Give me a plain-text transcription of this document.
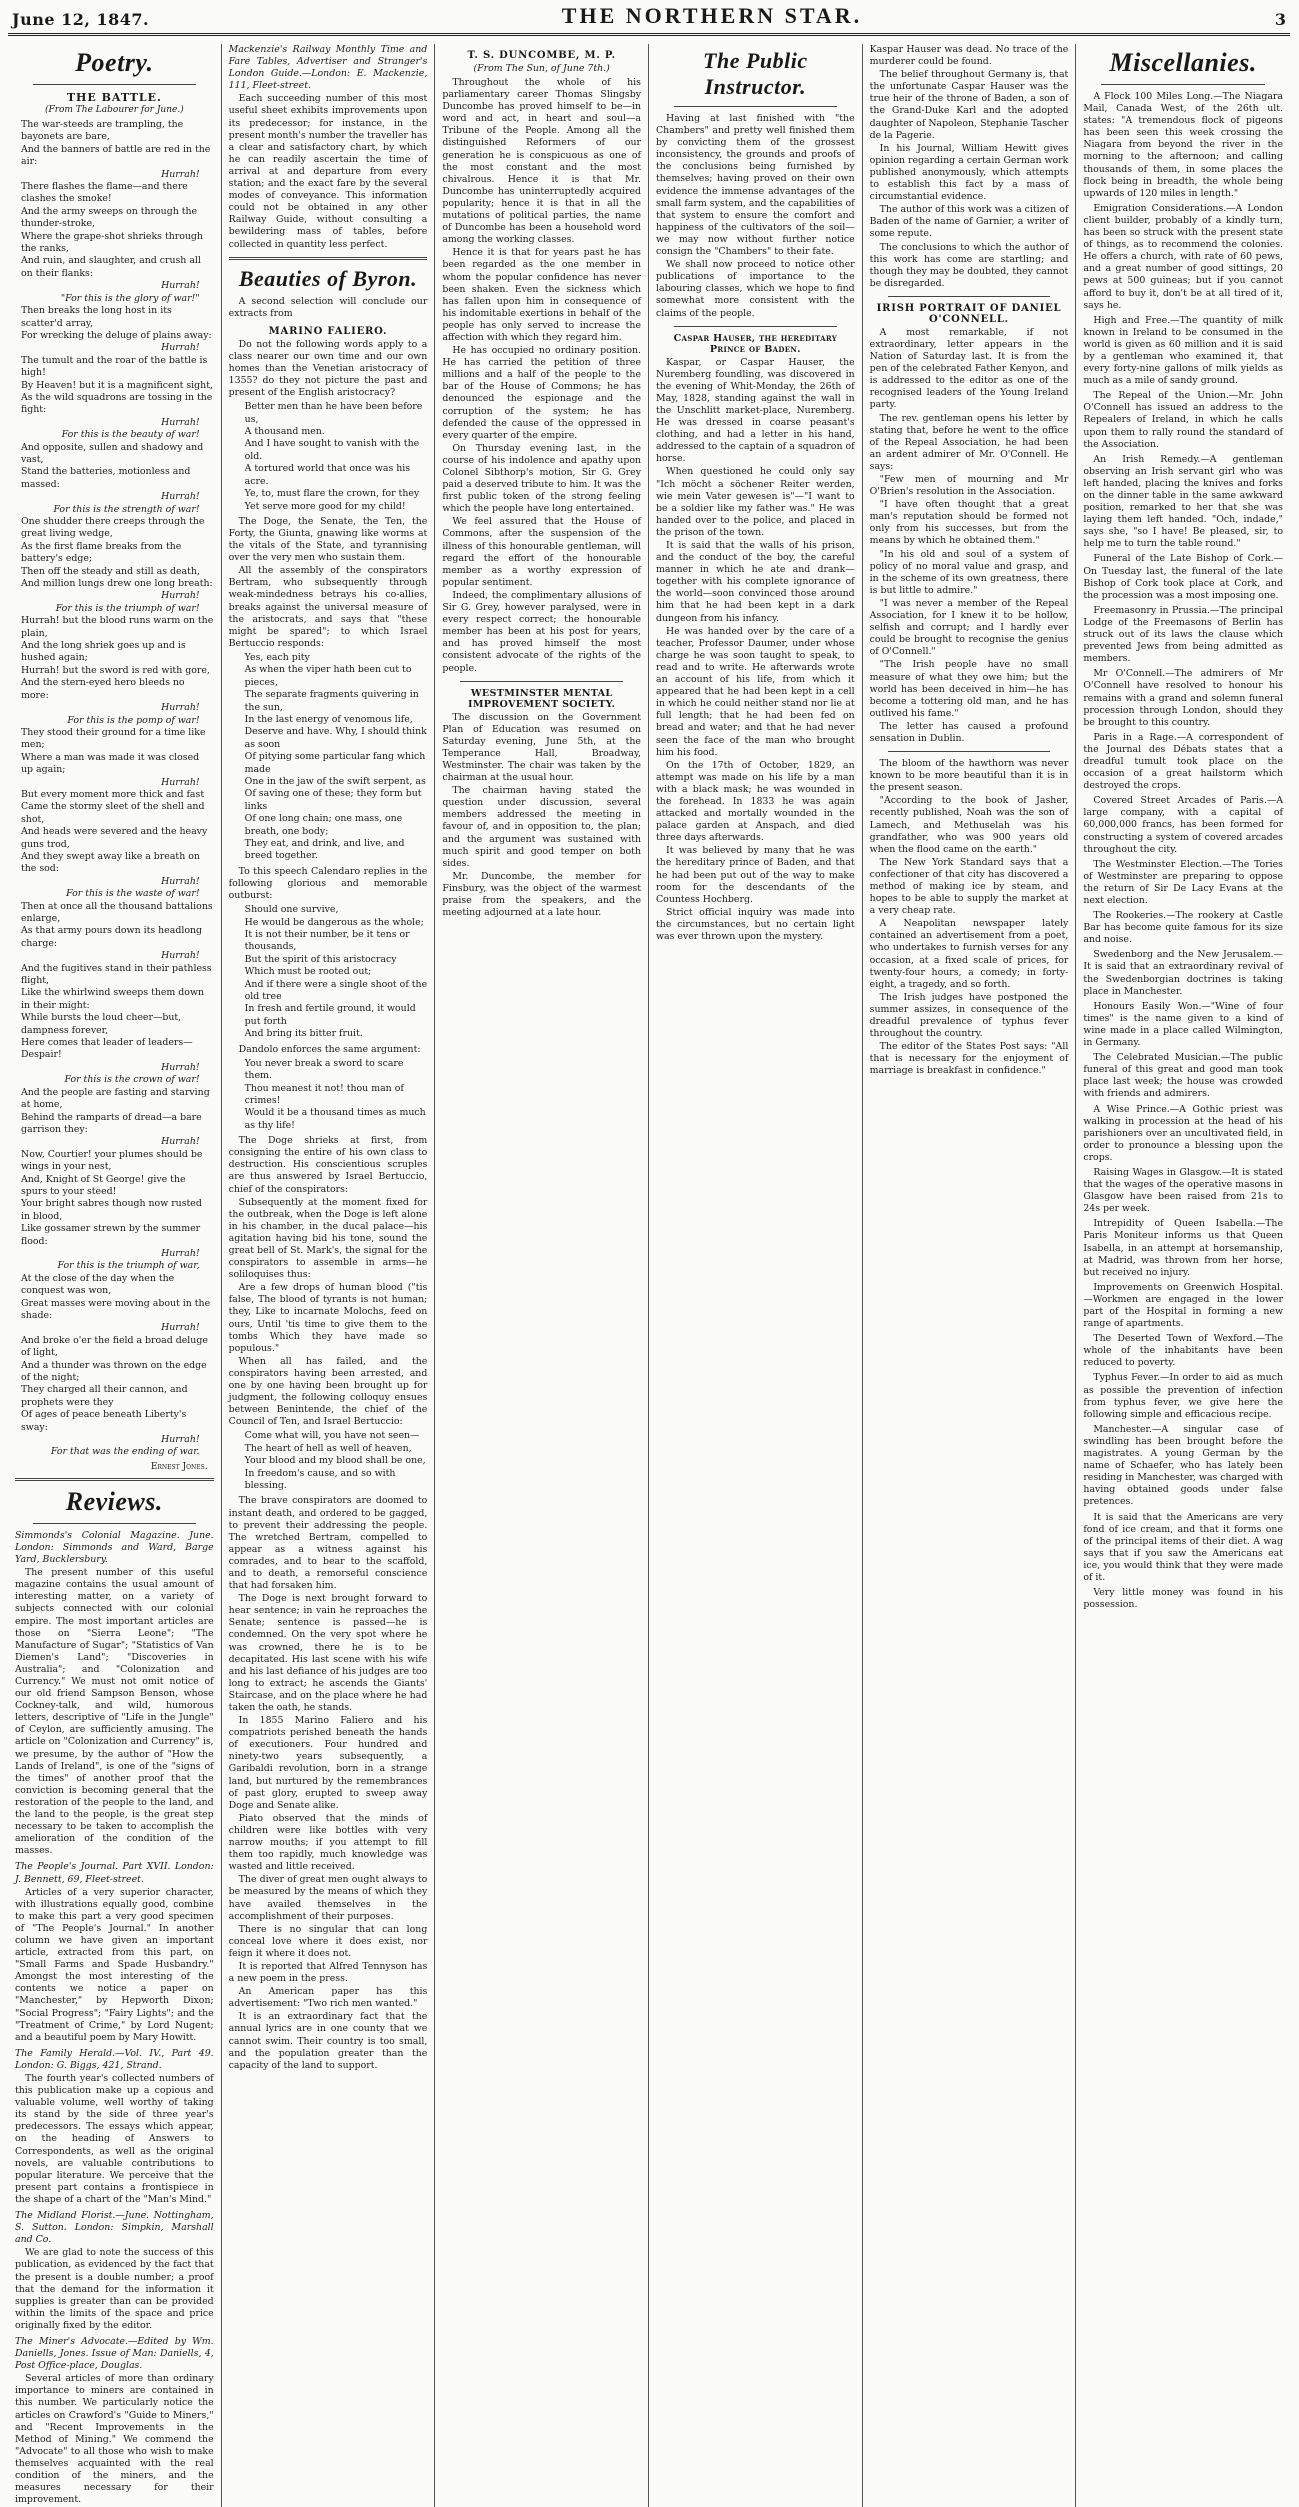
June 12, 1847.	THE NORTHERN STAR.	3
Poetry.
THE BATTLE.
(From The Labourer for June.)
The war-steeds are trampling, the bayonets are bare,
And the banners of battle are red in the air:
Hurrah!
There flashes the flame—and there clashes the smoke!
And the army sweeps on through the thunder-stroke,
Where the grape-shot shrieks through the ranks,
And ruin, and slaughter, and crush all on their flanks:
Hurrah!
"For this is the glory of war!"
Then breaks the long host in its scatter'd array,
For wrecking the deluge of plains away:
Hurrah!
The tumult and the roar of the battle is high!
By Heaven! but it is a magnificent sight,
As the wild squadrons are tossing in the fight:
Hurrah!
For this is the beauty of war!
And opposite, sullen and shadowy and vast,
Stand the batteries, motionless and massed:
Hurrah!
For this is the strength of war!
One shudder there creeps through the great living wedge,
As the first flame breaks from the battery's edge;
Then off the steady and still as death,
And million lungs drew one long breath:
Hurrah!
For this is the triumph of war!
Hurrah! but the blood runs warm on the plain,
And the long shriek goes up and is hushed again;
Hurrah! but the sword is red with gore,
And the stern-eyed hero bleeds no more:
Hurrah!
For this is the pomp of war!
They stood their ground for a time like men;
Where a man was made it was closed up again;
Hurrah!
But every moment more thick and fast
Came the stormy sleet of the shell and shot,
And heads were severed and the heavy guns trod,
And they swept away like a breath on the sod:
Hurrah!
For this is the waste of war!
Then at once all the thousand battalions enlarge,
As that army pours down its headlong charge:
Hurrah!
And the fugitives stand in their pathless flight,
Like the whirlwind sweeps them down in their might:
While bursts the loud cheer—but, dampness forever,
Here comes that leader of leaders—Despair!
Hurrah!
For this is the crown of war!
And the people are fasting and starving at home,
Behind the ramparts of dread—a bare garrison they:
Hurrah!
Now, Courtier! your plumes should be wings in your nest,
And, Knight of St George! give the spurs to your steed!
Your bright sabres though now rusted in blood,
Like gossamer strewn by the summer flood:
Hurrah!
For this is the triumph of war,
At the close of the day when the conquest was won,
Great masses were moving about in the shade:
Hurrah!
And broke o'er the field a broad deluge of light,
And a thunder was thrown on the edge of the night;
They charged all their cannon, and prophets were they
Of ages of peace beneath Liberty's sway:
Hurrah!
For that was the ending of war.
Ernest Jones.
Reviews.

Simmonds's Colonial Magazine. June. London: Simmonds and Ward, Barge Yard, Bucklersbury.

The present number of this useful magazine contains the usual amount of interesting matter, on a variety of subjects connected with our colonial empire. The most important articles are those on "Sierra Leone"; "The Manufacture of Sugar"; "Statistics of Van Diemen's Land"; "Discoveries in Australia"; and "Colonization and Currency." We must not omit notice of our old friend Sampson Benson, whose Cockney-talk, and wild, humorous letters, descriptive of "Life in the Jungle" of Ceylon, are sufficiently amusing. The article on "Colonization and Currency" is, we presume, by the author of "How the Lands of Ireland", is one of the "signs of the times" of another proof that the conviction is becoming general that the restoration of the people to the land, and the land to the people, is the great step necessary to be taken to accomplish the amelioration of the condition of the masses.

The People's Journal. Part XVII. London: J. Bennett, 69, Fleet-street.

Articles of a very superior character, with illustrations equally good, combine to make this part a very good specimen of "The People's Journal." In another column we have given an important article, extracted from this part, on "Small Farms and Spade Husbandry." Amongst the most interesting of the contents we notice a paper on "Manchester," by Hepworth Dixon; "Social Progress"; "Fairy Lights"; and the "Treatment of Crime," by Lord Nugent; and a beautiful poem by Mary Howitt.

The Family Herald.—Vol. IV., Part 49. London: G. Biggs, 421, Strand.

The fourth year's collected numbers of this publication make up a copious and valuable volume, well worthy of taking its stand by the side of three year's predecessors. The essays which appear, on the heading of Answers to Correspondents, as well as the original novels, are valuable contributions to popular literature. We perceive that the present part contains a frontispiece in the shape of a chart of the "Man's Mind."

The Midland Florist.—June. Nottingham, S. Sutton. London: Simpkin, Marshall and Co.

We are glad to note the success of this publication, as evidenced by the fact that the present is a double number; a proof that the demand for the information it supplies is greater than can be provided within the limits of the space and price originally fixed by the editor.

The Miner's Advocate.—Edited by Wm. Daniells, Jones. Issue of Man: Daniells, 4, Post Office-place, Douglas.

Several articles of more than ordinary importance to miners are contained in this number. We particularly notice the articles on Crawford's "Guide to Miners," and "Recent Improvements in the Method of Mining." We commend the "Advocate" to all those who wish to make themselves acquainted with the real condition of the miners, and the measures necessary for their improvement.

Mackenzie's Railway Monthly Time and Fare Tables, Advertiser and Stranger's London Guide.—London: E. Mackenzie, 111, Fleet-street.

Each succeeding number of this most useful sheet exhibits improvements upon its predecessor; for instance, in the present month's number the traveller has a clear and satisfactory chart, by which he can readily ascertain the time of arrival at and departure from every station; and the exact fare by the several modes of conveyance. This information could not be obtained in any other Railway Guide, without consulting a bewildering mass of tables, before collected in quantity less perfect.

Beauties of Byron.

A second selection will conclude our extracts from

MARINO FALIERO.

Do not the following words apply to a class nearer our own time and our own homes than the Venetian aristocracy of 1355? do they not picture the past and present of the English aristocracy?

Better men than he have been before us,
A thousand men.
And I have sought to vanish with the old.
A tortured world that once was his acre.
Ye, to, must flare the crown, for they
Yet serve more good for my child!

The Doge, the Senate, the Ten, the Forty, the Giunta, gnawing like worms at the vitals of the State, and tyrannising over the very men who sustain them.

All the assembly of the conspirators Bertram, who subsequently through weak-mindedness betrays his co-allies, breaks against the universal measure of the aristocrats, and says that "these might be spared"; to which Israel Bertuccio responds:

Yes, each pity
As when the viper hath been cut to pieces,
The separate fragments quivering in the sun,
In the last energy of venomous life,
Deserve and have. Why, I should think as soon
Of pitying some particular fang which made
One in the jaw of the swift serpent, as
Of saving one of these; they form but links
Of one long chain; one mass, one breath, one body;
They eat, and drink, and live, and breed together.

To this speech Calendaro replies in the following glorious and memorable outburst:

Should one survive,
He would be dangerous as the whole;
It is not their number, be it tens or thousands,
But the spirit of this aristocracy
Which must be rooted out;
And if there were a single shoot of the old tree
In fresh and fertile ground, it would put forth
And bring its bitter fruit.

Dandolo enforces the same argument:

You never break a sword to scare them.
Thou meanest it not! thou man of crimes!
Would it be a thousand times as much as thy life!

The Doge shrieks at first, from consigning the entire of his own class to destruction. His conscientious scruples are thus answered by Israel Bertuccio, chief of the conspirators:

Subsequently at the moment fixed for the outbreak, when the Doge is left alone in his chamber, in the ducal palace—his agitation having bid his tone, sound the great bell of St. Mark's, the signal for the conspirators to assemble in arms—he soliloquises thus:

Are a few drops of human blood ("tis false, The blood of tyrants is not human; they, Like to incarnate Molochs, feed on ours, Until 'tis time to give them to the tombs Which they have made so populous."

When all has failed, and the conspirators having been arrested, and one by one having been brought up for judgment, the following colloquy ensues between Benintende, the chief of the Council of Ten, and Israel Bertuccio:

Come what will, you have not seen—
The heart of hell as well of heaven,
Your blood and my blood shall be one,
In freedom's cause, and so with blessing.

The brave conspirators are doomed to instant death, and ordered to be gagged, to prevent their addressing the people. The wretched Bertram, compelled to appear as a witness against his comrades, and to bear to the scaffold, and to death, a remorseful conscience that had forsaken him.

The Doge is next brought forward to hear sentence; in vain he reproaches the Senate; sentence is passed—he is condemned. On the very spot where he was crowned, there he is to be decapitated. His last scene with his wife and his last defiance of his judges are too long to extract; he ascends the Giants' Staircase, and on the place where he had taken the oath, he stands.

In 1855 Marino Faliero and his compatriots perished beneath the hands of executioners. Four hundred and ninety-two years subsequently, a Garibaldi revolution, born in a strange land, but nurtured by the remembrances of past glory, erupted to sweep away Doge and Senate alike.

Piato observed that the minds of children were like bottles with very narrow mouths; if you attempt to fill them too rapidly, much knowledge was wasted and little received.

The diver of great men ought always to be measured by the means of which they have availed themselves in the accomplishment of their purposes.

There is no singular that can long conceal love where it does exist, nor feign it where it does not.

It is reported that Alfred Tennyson has a new poem in the press.

An American paper has this advertisement: "Two rich men wanted."

It is an extraordinary fact that the annual lyrics are in one county that we cannot swim. Their country is too small, and the population greater than the capacity of the land to support.

T. S. DUNCOMBE, M. P.
(From The Sun, of June 7th.)

Throughout the whole of his parliamentary career Thomas Slingsby Duncombe has proved himself to be—in word and act, in heart and soul—a Tribune of the People. Among all the distinguished Reformers of our generation he is conspicuous as one of the most constant and the most chivalrous. Hence it is that Mr. Duncombe has uninterruptedly acquired popularity; hence it is that in all the mutations of political parties, the name of Duncombe has been a household word among the working classes.

Hence it is that for years past he has been regarded as the one member in whom the popular confidence has never been shaken. Even the sickness which has fallen upon him in consequence of his indomitable exertions in behalf of the people has only served to increase the affection with which they regard him.

He has occupied no ordinary position. He has carried the petition of three millions and a half of the people to the bar of the House of Commons; he has denounced the espionage and the corruption of the system; he has defended the cause of the oppressed in every quarter of the empire.

On Thursday evening last, in the course of his indolence and apathy upon Colonel Sibthorp's motion, Sir G. Grey paid a deserved tribute to him. It was the first public token of the strong feeling which the people have long entertained.

We feel assured that the House of Commons, after the suspension of the illness of this honourable gentleman, will regard the effort of the honourable member as a worthy expression of popular sentiment.

Indeed, the complimentary allusions of Sir G. Grey, however paralysed, were in every respect correct; the honourable member has been at his post for years, and has proved himself the most consistent advocate of the rights of the people.

WESTMINSTER MENTAL IMPROVEMENT SOCIETY.

The discussion on the Government Plan of Education was resumed on Saturday evening, June 5th, at the Temperance Hall, Broadway, Westminster. The chair was taken by the chairman at the usual hour.

The chairman having stated the question under discussion, several members addressed the meeting in favour of, and in opposition to, the plan; and the argument was sustained with much spirit and good temper on both sides.

Mr. Duncombe, the member for Finsbury, was the object of the warmest praise from the speakers, and the meeting adjourned at a late hour.

The Public Instructor.

Having at last finished with "the Chambers" and pretty well finished them by convicting them of the grossest inconsistency, the grounds and proofs of the conclusions being furnished by themselves; having proved on their own evidence the immense advantages of the small farm system, and the capabilities of that system to ensure the comfort and happiness of the cultivators of the soil—we may now without further notice consign the "Chambers" to their fate.

We shall now proceed to notice other publications of importance to the labouring classes, which we hope to find somewhat more consistent with the claims of the people.

Caspar Hauser, the hereditary Prince of Baden.

Kaspar, or Caspar Hauser, the Nuremberg foundling, was discovered in the evening of Whit-Monday, the 26th of May, 1828, standing against the wall in the Unschlitt market-place, Nuremberg. He was dressed in coarse peasant's clothing, and had a letter in his hand, addressed to the captain of a squadron of horse.

When questioned he could only say "Ich möcht a söchener Reiter werden, wie mein Vater gewesen is"—"I want to be a soldier like my father was." He was handed over to the police, and placed in the prison of the town.

It is said that the walls of his prison, and the conduct of the boy, the careful manner in which he ate and drank—together with his complete ignorance of the world—soon convinced those around him that he had been kept in a dark dungeon from his infancy.

He was handed over by the care of a teacher, Professor Daumer, under whose charge he was soon taught to speak, to read and to write. He afterwards wrote an account of his life, from which it appeared that he had been kept in a cell in which he could neither stand nor lie at full length; that he had been fed on bread and water; and that he had never seen the face of the man who brought him his food.

On the 17th of October, 1829, an attempt was made on his life by a man with a black mask; he was wounded in the forehead. In 1833 he was again attacked and mortally wounded in the palace garden at Anspach, and died three days afterwards.

It was believed by many that he was the hereditary prince of Baden, and that he had been put out of the way to make room for the descendants of the Countess Hochberg.

Strict official inquiry was made into the circumstances, but no certain light was ever thrown upon the mystery.

Kaspar Hauser was dead. No trace of the murderer could be found.

The belief throughout Germany is, that the unfortunate Caspar Hauser was the true heir of the throne of Baden, a son of the Grand-Duke Karl and the adopted daughter of Napoleon, Stephanie Tascher de la Pagerie.

In his Journal, William Hewitt gives opinion regarding a certain German work published anonymously, which attempts to establish this fact by a mass of circumstantial evidence.

The author of this work was a citizen of Baden of the name of Garnier, a writer of some repute.

The conclusions to which the author of this work has come are startling; and though they may be doubted, they cannot be disregarded.

IRISH PORTRAIT OF DANIEL O'CONNELL.

A most remarkable, if not extraordinary, letter appears in the Nation of Saturday last. It is from the pen of the celebrated Father Kenyon, and is addressed to the editor as one of the recognised leaders of the Young Ireland party.

The rev. gentleman opens his letter by stating that, before he went to the office of the Repeal Association, he had been an ardent admirer of Mr. O'Connell. He says:

"Few men of mourning and Mr O'Brien's resolution in the Association.

"I have often thought that a great man's reputation should be formed not only from his successes, but from the means by which he obtained them."

"In his old and soul of a system of policy of no moral value and grasp, and in the scheme of its own greatness, there is but little to admire."

"I was never a member of the Repeal Association, for I knew it to be hollow, selfish and corrupt; and I hardly ever could be brought to recognise the genius of O'Connell."

"The Irish people have no small measure of what they owe him; but the world has been deceived in him—he has become a tottering old man, and he has outlived his fame."

The letter has caused a profound sensation in Dublin.

The bloom of the hawthorn was never known to be more beautiful than it is in the present season.

"According to the book of Jasher, recently published, Noah was the son of Lamech, and Methuselah was his grandfather, who was 900 years old when the flood came on the earth."

The New York Standard says that a confectioner of that city has discovered a method of making ice by steam, and hopes to be able to supply the market at a very cheap rate.

A Neapolitan newspaper lately contained an advertisement from a poet, who undertakes to furnish verses for any occasion, at a fixed scale of prices, for twenty-four hours, a comedy; in forty-eight, a tragedy, and so forth.

The Irish judges have postponed the summer assizes, in consequence of the dreadful prevalence of typhus fever throughout the country.

The editor of the States Post says: "All that is necessary for the enjoyment of marriage is breakfast in confidence."

Miscellanies.

A Flock 100 Miles Long.—The Niagara Mail, Canada West, of the 26th ult. states: "A tremendous flock of pigeons has been seen this week crossing the Niagara from beyond the river in the morning to the afternoon; and calling thousands of them, in some places the flock being in breadth, the whole being upwards of 120 miles in length."

Emigration Considerations.—A London client builder, probably of a kindly turn, has been so struck with the present state of things, as to recommend the colonies. He offers a church, with rate of 60 pews, and a great number of good sittings, 20 pews at 500 guineas; but if you cannot afford to buy it, don't be at all tired of it, says he.

High and Free.—The quantity of milk known in Ireland to be consumed in the world is given as 60 million and it is said by a gentleman who examined it, that every forty-nine gallons of milk yields as much as a mile of sandy ground.

The Repeal of the Union.—Mr. John O'Connell has issued an address to the Repealers of Ireland, in which he calls upon them to rally round the standard of the Association.

An Irish Remedy.—A gentleman observing an Irish servant girl who was left handed, placing the knives and forks on the dinner table in the same awkward position, remarked to her that she was laying them left handed. "Och, indade," says she, "so I have! Be pleased, sir, to help me to turn the table round."

Funeral of the Late Bishop of Cork.—On Tuesday last, the funeral of the late Bishop of Cork took place at Cork, and the procession was a most imposing one.

Freemasonry in Prussia.—The principal Lodge of the Freemasons of Berlin has struck out of its laws the clause which prevented Jews from being admitted as members.

Mr O'Connell.—The admirers of Mr O'Connell have resolved to honour his remains with a grand and solemn funeral procession through London, should they be brought to this country.

Paris in a Rage.—A correspondent of the Journal des Débats states that a dreadful tumult took place on the occasion of a great hailstorm which destroyed the crops.

Covered Street Arcades of Paris.—A large company, with a capital of 60,000,000 francs, has been formed for constructing a system of covered arcades throughout the city.

The Westminster Election.—The Tories of Westminster are preparing to oppose the return of Sir De Lacy Evans at the next election.

The Rookeries.—The rookery at Castle Bar has become quite famous for its size and noise.

Swedenborg and the New Jerusalem.—It is said that an extraordinary revival of the Swedenborgian doctrines is taking place in Manchester.

Honours Easily Won.—"Wine of four times" is the name given to a kind of wine made in a place called Wilmington, in Germany.

The Celebrated Musician.—The public funeral of this great and good man took place last week; the house was crowded with friends and admirers.

A Wise Prince.—A Gothic priest was walking in procession at the head of his parishioners over an uncultivated field, in order to pronounce a blessing upon the crops.

Raising Wages in Glasgow.—It is stated that the wages of the operative masons in Glasgow have been raised from 21s to 24s per week.

Intrepidity of Queen Isabella.—The Paris Moniteur informs us that Queen Isabella, in an attempt at horsemanship, at Madrid, was thrown from her horse, but received no injury.

Improvements on Greenwich Hospital.—Workmen are engaged in the lower part of the Hospital in forming a new range of apartments.

The Deserted Town of Wexford.—The whole of the inhabitants have been reduced to poverty.

Typhus Fever.—In order to aid as much as possible the prevention of infection from typhus fever, we give here the following simple and efficacious recipe.

Manchester.—A singular case of swindling has been brought before the magistrates. A young German by the name of Schaefer, who has lately been residing in Manchester, was charged with having obtained goods under false pretences.

It is said that the Americans are very fond of ice cream, and that it forms one of the principal items of their diet. A wag says that if you saw the Americans eat ice, you would think that they were made of it.

Very little money was found in his possession.
